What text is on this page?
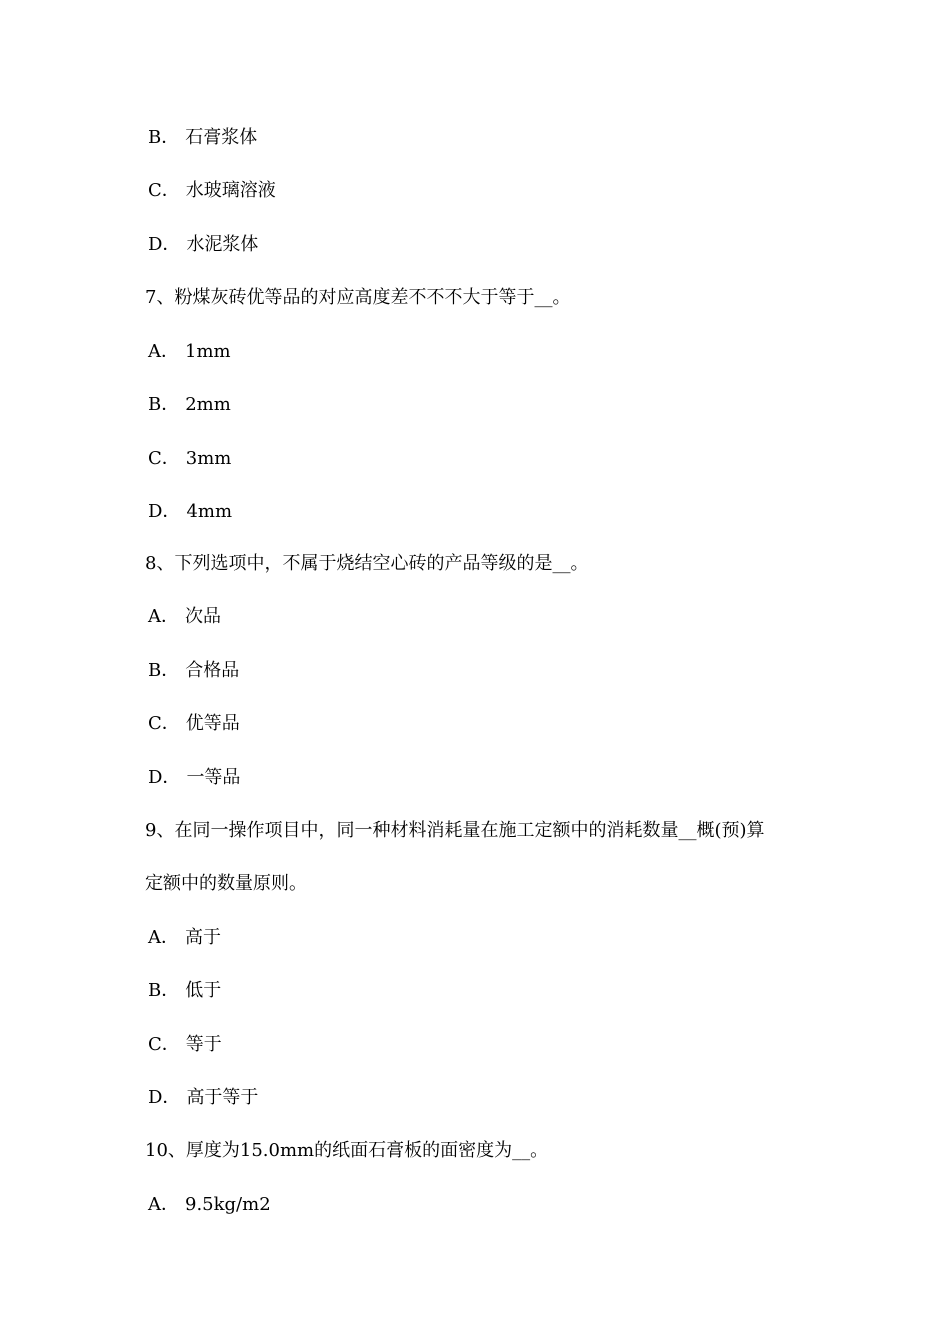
B． 石膏浆体
C． 水玻璃溶液
D． 水泥浆体
7、粉煤灰砖优等品的对应高度差不不不大于等于__。
A． 1mm
B． 2mm
C． 3mm
D． 4mm
8、下列选项中，不属于烧结空心砖的产品等级的是__。
A． 次品
B． 合格品
C． 优等品
D． 一等品
9、在同一操作项目中，同一种材料消耗量在施工定额中的消耗数量__概(预)算
定额中的数量原则。
A． 高于
B． 低于
C． 等于
D． 高于等于
10、厚度为15.0mm的纸面石膏板的面密度为__。
A． 9.5kg/m2
